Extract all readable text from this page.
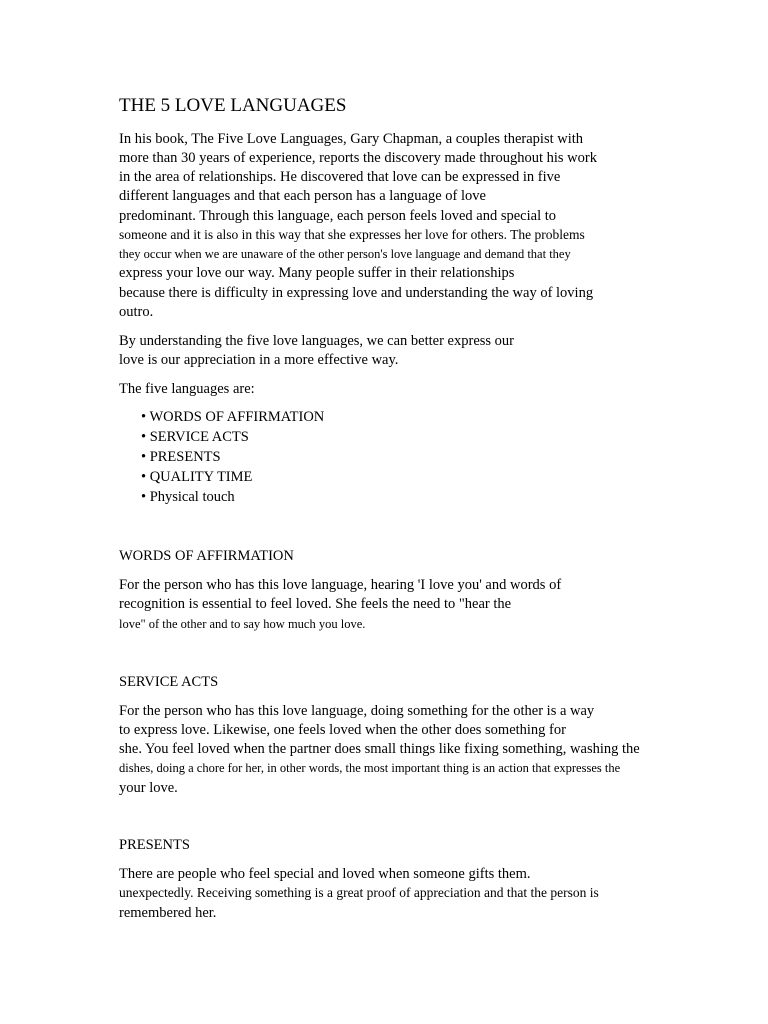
THE 5 LOVE LANGUAGES
In his book, The Five Love Languages, Gary Chapman, a couples therapist with
more than 30 years of experience, reports the discovery made throughout his work
in the area of relationships. He discovered that love can be expressed in five
different languages and that each person has a language of love
predominant. Through this language, each person feels loved and special to
someone and it is also in this way that she expresses her love for others. The problems
they occur when we are unaware of the other person's love language and demand that they
express your love our way. Many people suffer in their relationships
because there is difficulty in expressing love and understanding the way of loving
outro.
By understanding the five love languages, we can better express our
love is our appreciation in a more effective way.
The five languages are:
• WORDS OF AFFIRMATION
• SERVICE ACTS
• PRESENTS
• QUALITY TIME
• Physical touch
WORDS OF AFFIRMATION
For the person who has this love language, hearing 'I love you' and words of
recognition is essential to feel loved. She feels the need to "hear the
love" of the other and to say how much you love.
SERVICE ACTS
For the person who has this love language, doing something for the other is a way
to express love. Likewise, one feels loved when the other does something for
she. You feel loved when the partner does small things like fixing something, washing the
dishes, doing a chore for her, in other words, the most important thing is an action that expresses the
your love.
PRESENTS
There are people who feel special and loved when someone gifts them.
unexpectedly. Receiving something is a great proof of appreciation and that the person is
remembered her.
